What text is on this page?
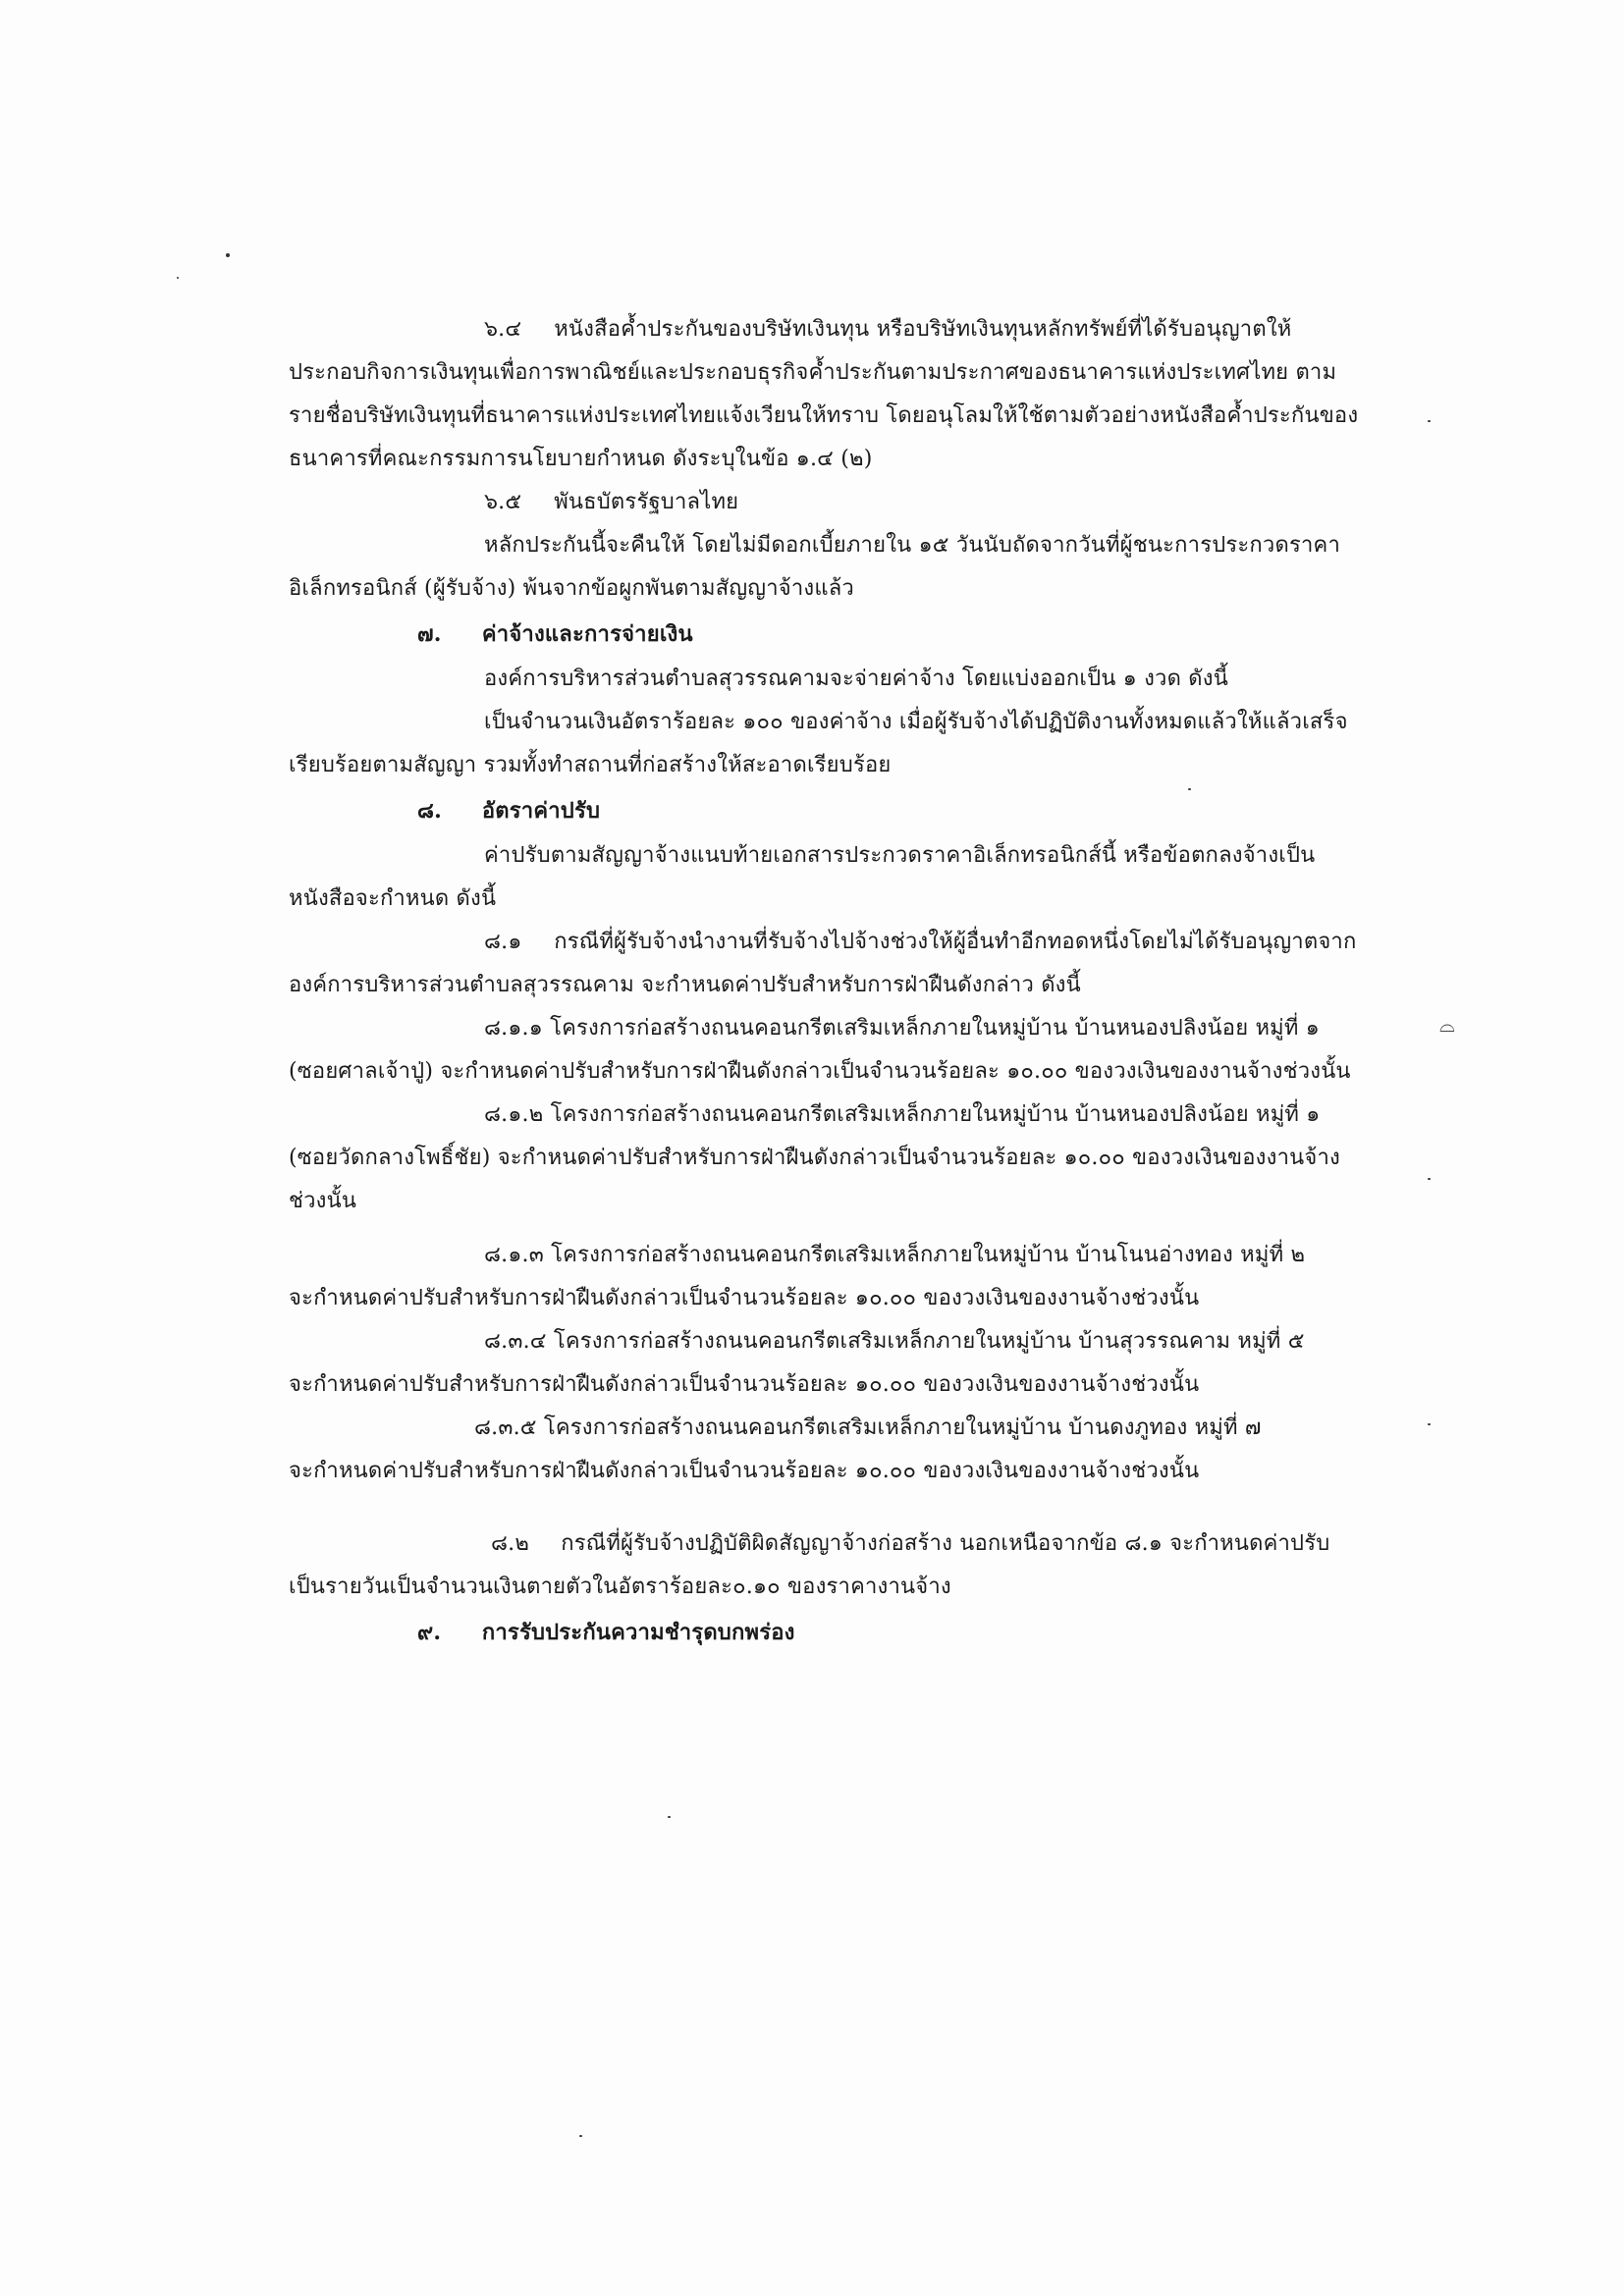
⌓
๖.๔ หนังสือค้ำประกันของบริษัทเงินทุน หรือบริษัทเงินทุนหลักทรัพย์ที่ได้รับอนุญาตให้
ประกอบกิจการเงินทุนเพื่อการพาณิชย์และประกอบธุรกิจค้ำประกันตามประกาศของธนาคารแห่งประเทศไทย ตาม
รายชื่อบริษัทเงินทุนที่ธนาคารแห่งประเทศไทยแจ้งเวียนให้ทราบ โดยอนุโลมให้ใช้ตามตัวอย่างหนังสือค้ำประกันของ
ธนาคารที่คณะกรรมการนโยบายกำหนด ดังระบุในข้อ ๑.๔ (๒)
๖.๕ พันธบัตรรัฐบาลไทย
หลักประกันนี้จะคืนให้ โดยไม่มีดอกเบี้ยภายใน ๑๕ วันนับถัดจากวันที่ผู้ชนะการประกวดราคา
อิเล็กทรอนิกส์ (ผู้รับจ้าง) พ้นจากข้อผูกพันตามสัญญาจ้างแล้ว
๗. ค่าจ้างและการจ่ายเงิน
องค์การบริหารส่วนตำบลสุวรรณคามจะจ่ายค่าจ้าง โดยแบ่งออกเป็น ๑ งวด ดังนี้
เป็นจำนวนเงินอัตราร้อยละ ๑๐๐ ของค่าจ้าง เมื่อผู้รับจ้างได้ปฏิบัติงานทั้งหมดแล้วให้แล้วเสร็จ
เรียบร้อยตามสัญญา รวมทั้งทำสถานที่ก่อสร้างให้สะอาดเรียบร้อย
๘. อัตราค่าปรับ
ค่าปรับตามสัญญาจ้างแนบท้ายเอกสารประกวดราคาอิเล็กทรอนิกส์นี้ หรือข้อตกลงจ้างเป็น
หนังสือจะกำหนด ดังนี้
๘.๑ กรณีที่ผู้รับจ้างนำงานที่รับจ้างไปจ้างช่วงให้ผู้อื่นทำอีกทอดหนึ่งโดยไม่ได้รับอนุญาตจาก
องค์การบริหารส่วนตำบลสุวรรณคาม จะกำหนดค่าปรับสำหรับการฝ่าฝืนดังกล่าว ดังนี้
๘.๑.๑ โครงการก่อสร้างถนนคอนกรีตเสริมเหล็กภายในหมู่บ้าน บ้านหนองปลิงน้อย หมู่ที่ ๑
(ซอยศาลเจ้าปู่) จะกำหนดค่าปรับสำหรับการฝ่าฝืนดังกล่าวเป็นจำนวนร้อยละ ๑๐.๐๐ ของวงเงินของงานจ้างช่วงนั้น
๘.๑.๒ โครงการก่อสร้างถนนคอนกรีตเสริมเหล็กภายในหมู่บ้าน บ้านหนองปลิงน้อย หมู่ที่ ๑
(ซอยวัดกลางโพธิ์ชัย) จะกำหนดค่าปรับสำหรับการฝ่าฝืนดังกล่าวเป็นจำนวนร้อยละ ๑๐.๐๐ ของวงเงินของงานจ้าง
ช่วงนั้น
๘.๑.๓ โครงการก่อสร้างถนนคอนกรีตเสริมเหล็กภายในหมู่บ้าน บ้านโนนอ่างทอง หมู่ที่ ๒
จะกำหนดค่าปรับสำหรับการฝ่าฝืนดังกล่าวเป็นจำนวนร้อยละ ๑๐.๐๐ ของวงเงินของงานจ้างช่วงนั้น
๘.๓.๔ โครงการก่อสร้างถนนคอนกรีตเสริมเหล็กภายในหมู่บ้าน บ้านสุวรรณคาม หมู่ที่ ๕
จะกำหนดค่าปรับสำหรับการฝ่าฝืนดังกล่าวเป็นจำนวนร้อยละ ๑๐.๐๐ ของวงเงินของงานจ้างช่วงนั้น
๘.๓.๕ โครงการก่อสร้างถนนคอนกรีตเสริมเหล็กภายในหมู่บ้าน บ้านดงภูทอง หมู่ที่ ๗
จะกำหนดค่าปรับสำหรับการฝ่าฝืนดังกล่าวเป็นจำนวนร้อยละ ๑๐.๐๐ ของวงเงินของงานจ้างช่วงนั้น
๘.๒ กรณีที่ผู้รับจ้างปฏิบัติผิดสัญญาจ้างก่อสร้าง นอกเหนือจากข้อ ๘.๑ จะกำหนดค่าปรับ
เป็นรายวันเป็นจำนวนเงินตายตัวในอัตราร้อยละ๐.๑๐ ของราคางานจ้าง
๙. การรับประกันความชำรุดบกพร่อง
